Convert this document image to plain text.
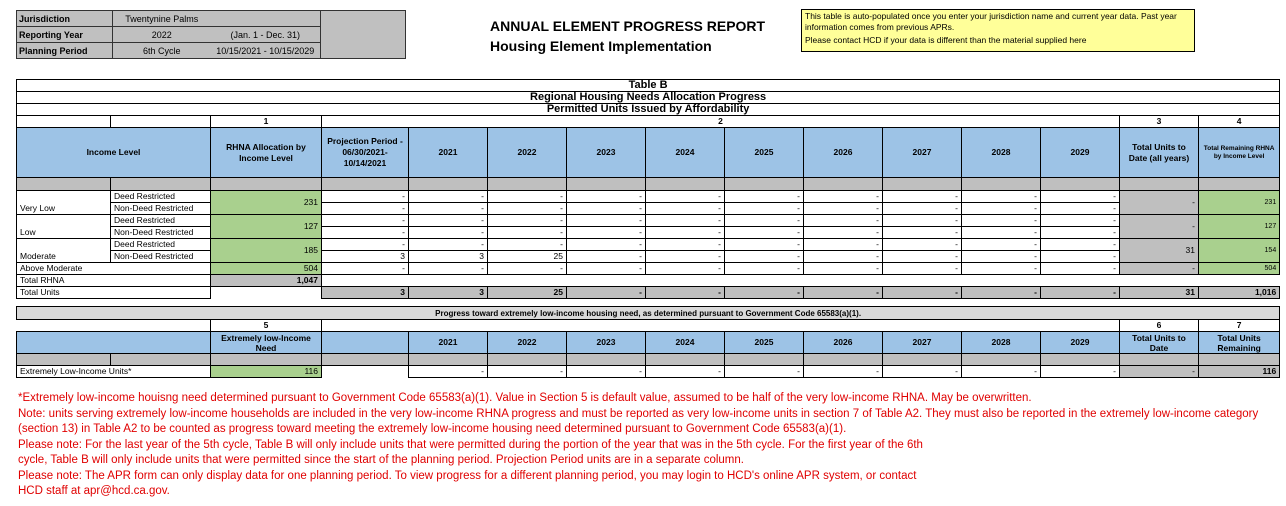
Jurisdiction	Twentynine Palms		
Reporting Year	2022	(Jan. 1 - Dec. 31)	
Planning Period	6th Cycle	10/15/2021 - 10/15/2029	
ANNUAL ELEMENT PROGRESS REPORT
Housing Element Implementation
This table is auto-populated once you enter your jurisdiction name and current year data. Past year information comes from previous APRs.
Please contact HCD if your data is different than the material supplied here
Table B														
Regional Housing Needs Allocation Progress														
Permitted Units Issued by Affordability														
		1	2										3	4
Income Level		RHNA Allocation by Income Level	Projection Period - 06/30/2021- 10/14/2021	2021	2022	2023	2024	2025	2026	2027	2028	2029	Total Units to Date (all years)	Total Remaining RHNA by Income Level

Very Low	Deed Restricted	231	-	-	-	-	-	-	-	-	-	-	-	231
	Non-Deed Restricted		-	-	-	-	-	-	-	-	-	-		
Low	Deed Restricted	127	-	-	-	-	-	-	-	-	-	-	-	127
	Non-Deed Restricted		-	-	-	-	-	-	-	-	-	-		
Moderate	Deed Restricted	185	-	-	-	-	-	-	-	-	-	-	31	154
	Non-Deed Restricted		3	3	25	-	-	-	-	-	-	-		
Above Moderate		504	-	-	-	-	-	-	-	-	-	-	-	504
Total RHNA		1,047												
Total Units			3	3	25	-	-	-	-	-	-	-	31	1,016

Progress toward extremely low-income housing need, as determined pursuant to Government Code 65583(a)(1).														
		5											6	7
		Extremely low-Income Need		2021	2022	2023	2024	2025	2026	2027	2028	2029	Total Units to Date	Total Units Remaining

Extremely Low-Income Units*		116		-	-	-	-	-	-	-	-	-	-	116
*Extremely low-income houisng need determined pursuant to Government Code 65583(a)(1). Value in Section 5 is default value, assumed to be half of the very low-income RHNA. May be overwritten.
Note: units serving extremely low-income households are included in the very low-income RHNA progress and must be reported as very low-income units in section 7 of Table A2. They must also be reported in the extremely low-income category (section 13) in Table A2 to be counted as progress toward meeting the extremely low-income housing need determined pursuant to Government Code 65583(a)(1).
Please note: For the last year of the 5th cycle, Table B will only include units that were permitted during the portion of the year that was in the 5th cycle. For the first year of the 6th
cycle, Table B will only include units that were permitted since the start of the planning period. Projection Period units are in a separate column.
Please note: The APR form can only display data for one planning period. To view progress for a different planning period, you may login to HCD's online APR system, or contact
HCD staff at apr@hcd.ca.gov.
